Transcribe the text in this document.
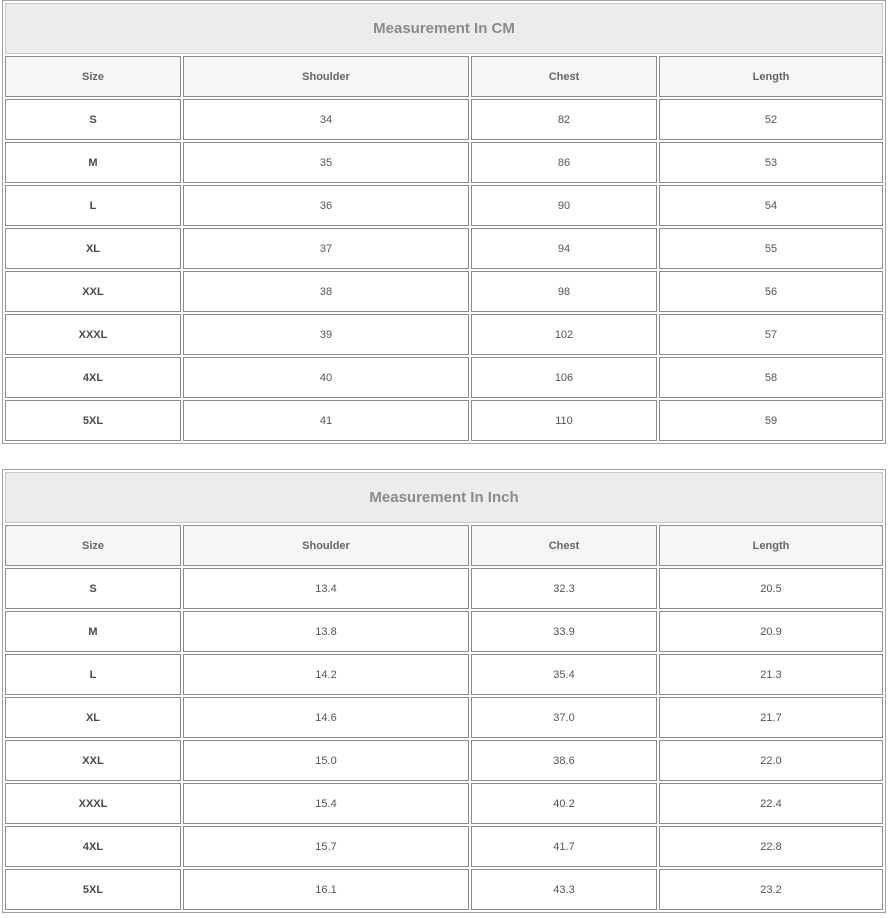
Measurement In CM			
Size	Shoulder	Chest	Length
S	34	82	52
M	35	86	53
L	36	90	54
XL	37	94	55
XXL	38	98	56
XXXL	39	102	57
4XL	40	106	58
5XL	41	110	59
Measurement In Inch			
Size	Shoulder	Chest	Length
S	13.4	32.3	20.5
M	13.8	33.9	20.9
L	14.2	35.4	21.3
XL	14.6	37.0	21.7
XXL	15.0	38.6	22.0
XXXL	15.4	40.2	22.4
4XL	15.7	41.7	22.8
5XL	16.1	43.3	23.2
